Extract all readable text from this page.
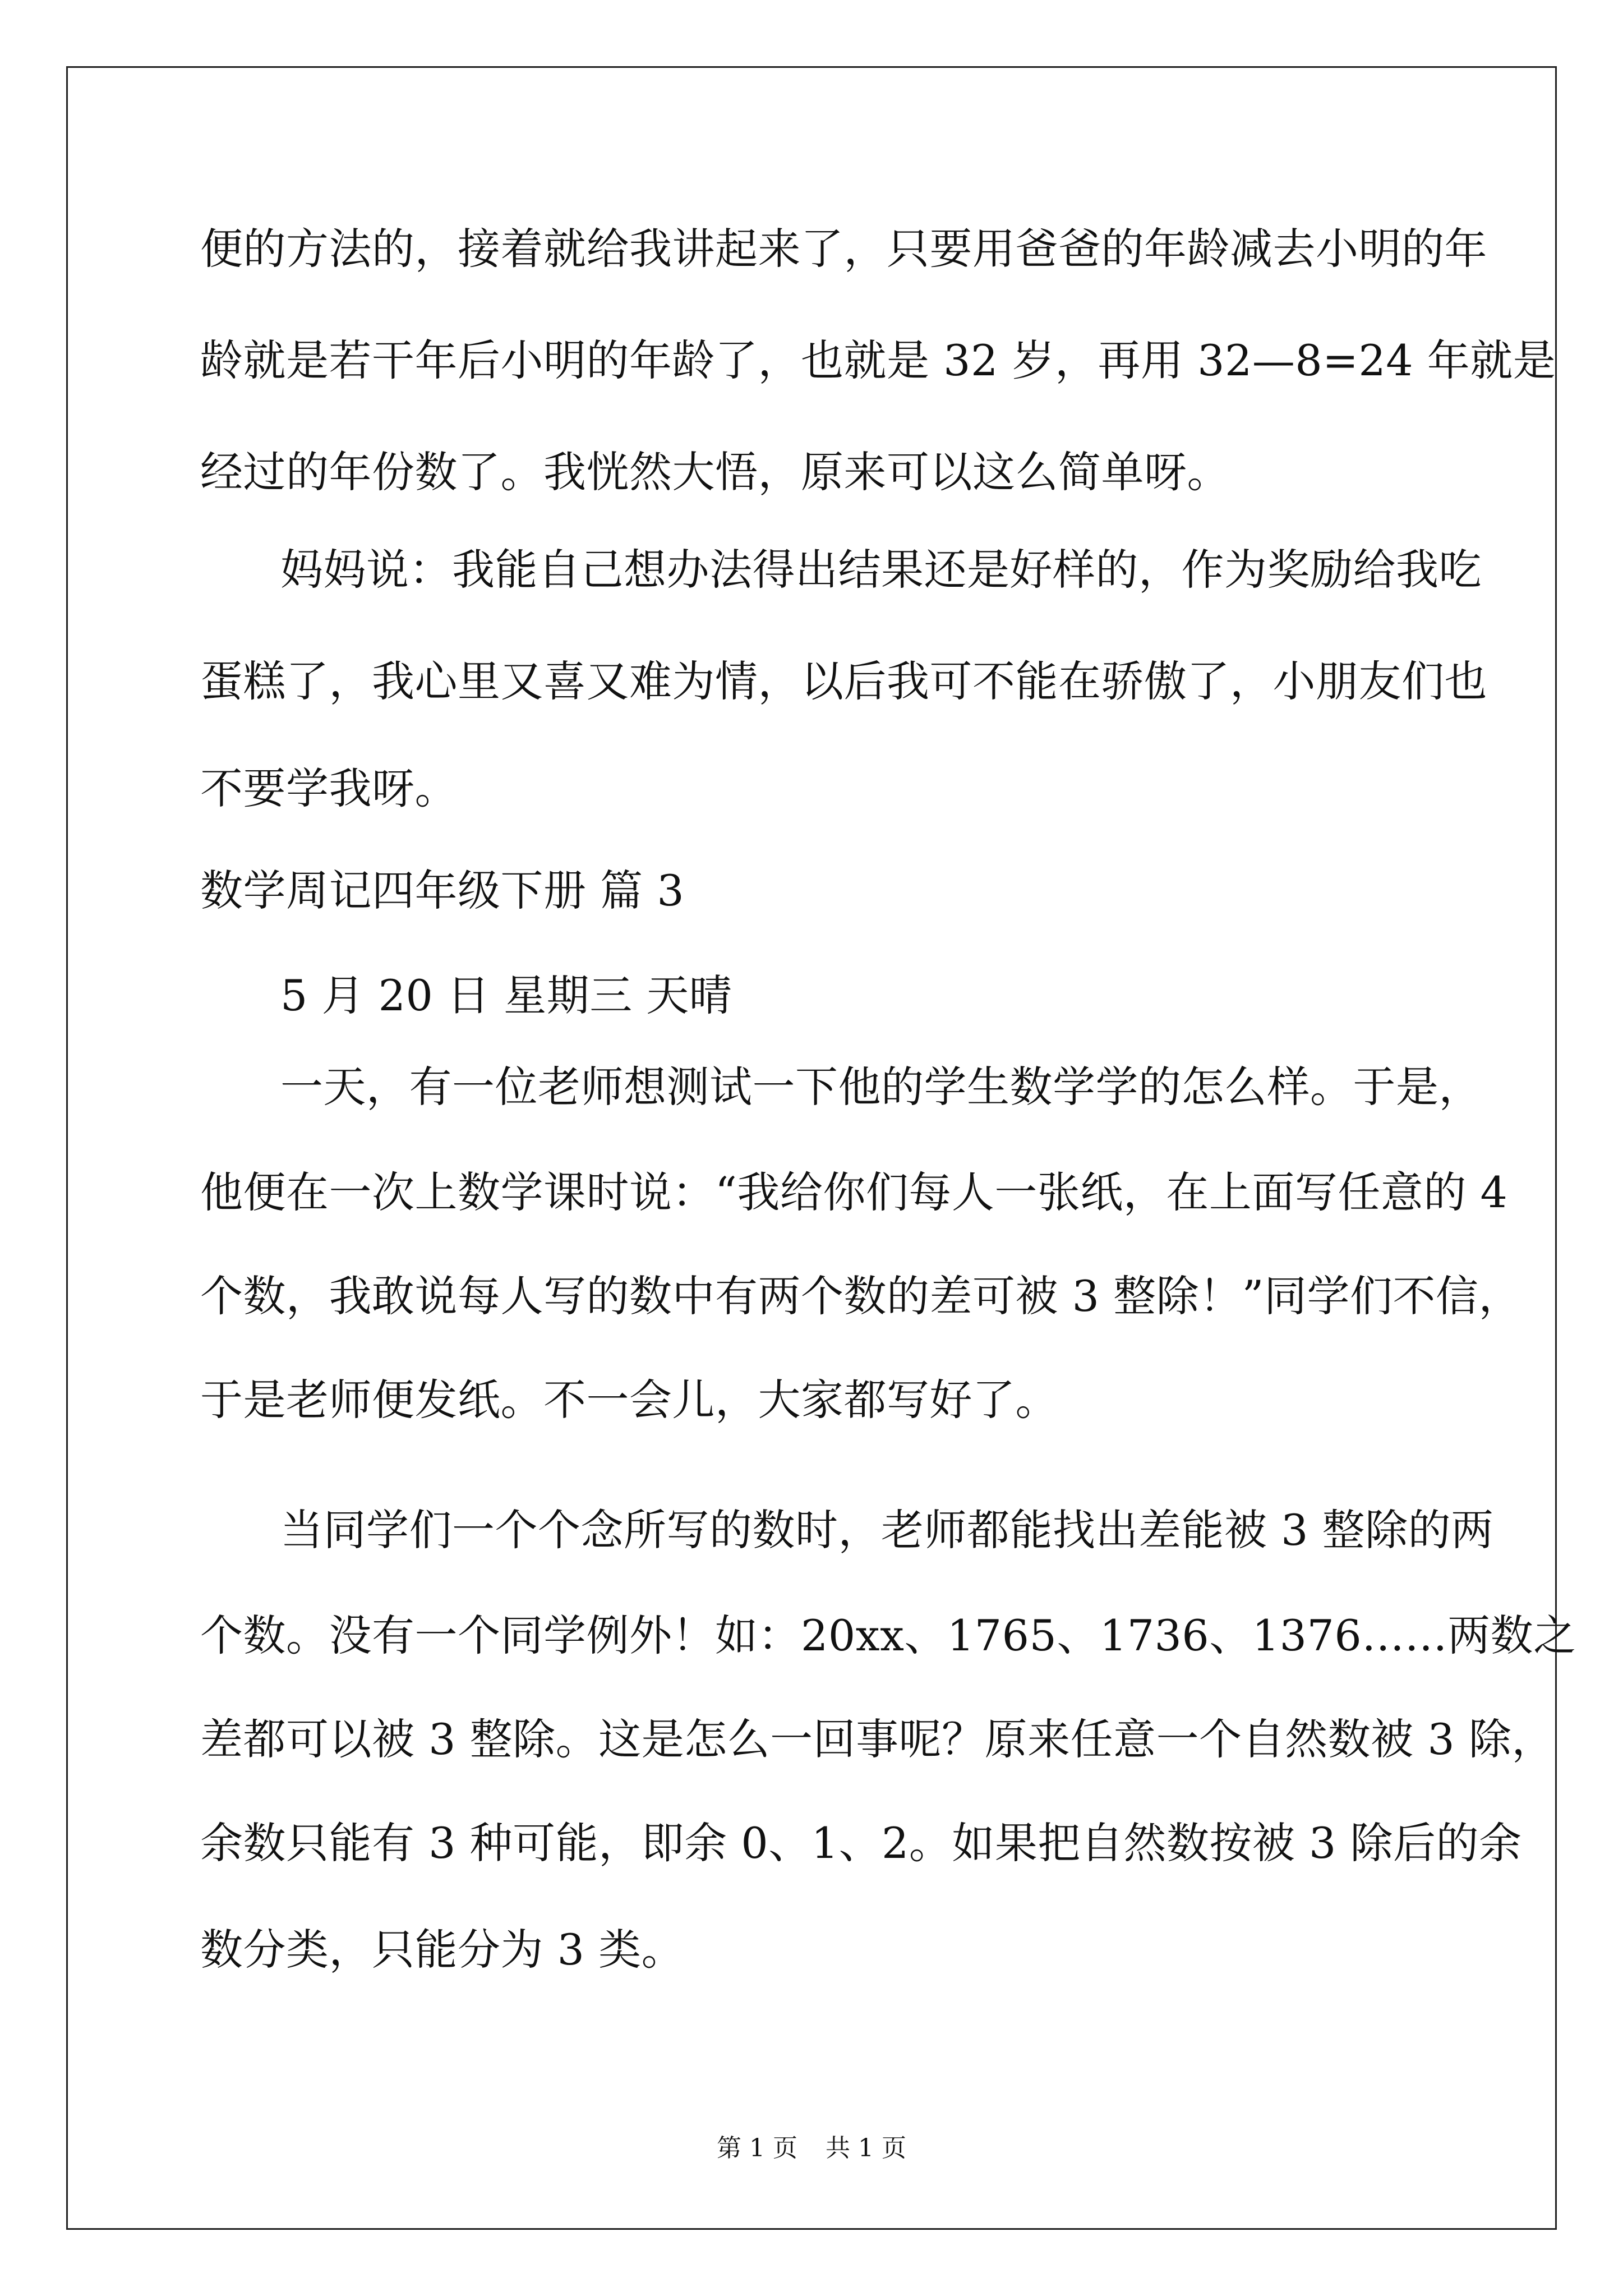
便的方法的，接着就给我讲起来了，只要用爸爸的年龄减去小明的年
龄就是若干年后小明的年龄了，也就是 32 岁，再用 32—8=24 年就是
经过的年份数了。我恍然大悟，原来可以这么简单呀。
妈妈说：我能自己想办法得出结果还是好样的，作为奖励给我吃
蛋糕了，我心里又喜又难为情，以后我可不能在骄傲了，小朋友们也
不要学我呀。
数学周记四年级下册 篇 3
5 月 20 日 星期三 天晴
一天，有一位老师想测试一下他的学生数学学的怎么样。于是，
他便在一次上数学课时说：“我给你们每人一张纸，在上面写任意的 4
个数，我敢说每人写的数中有两个数的差可被 3 整除！”同学们不信，
于是老师便发纸。不一会儿，大家都写好了。
当同学们一个个念所写的数时，老师都能找出差能被 3 整除的两
个数。没有一个同学例外！如：20xx、1765、1736、1376……两数之
差都可以被 3 整除。这是怎么一回事呢？原来任意一个自然数被 3 除，
余数只能有 3 种可能，即余 0、1、2。如果把自然数按被 3 除后的余
数分类，只能分为 3 类。
第 1 页 共 1 页
